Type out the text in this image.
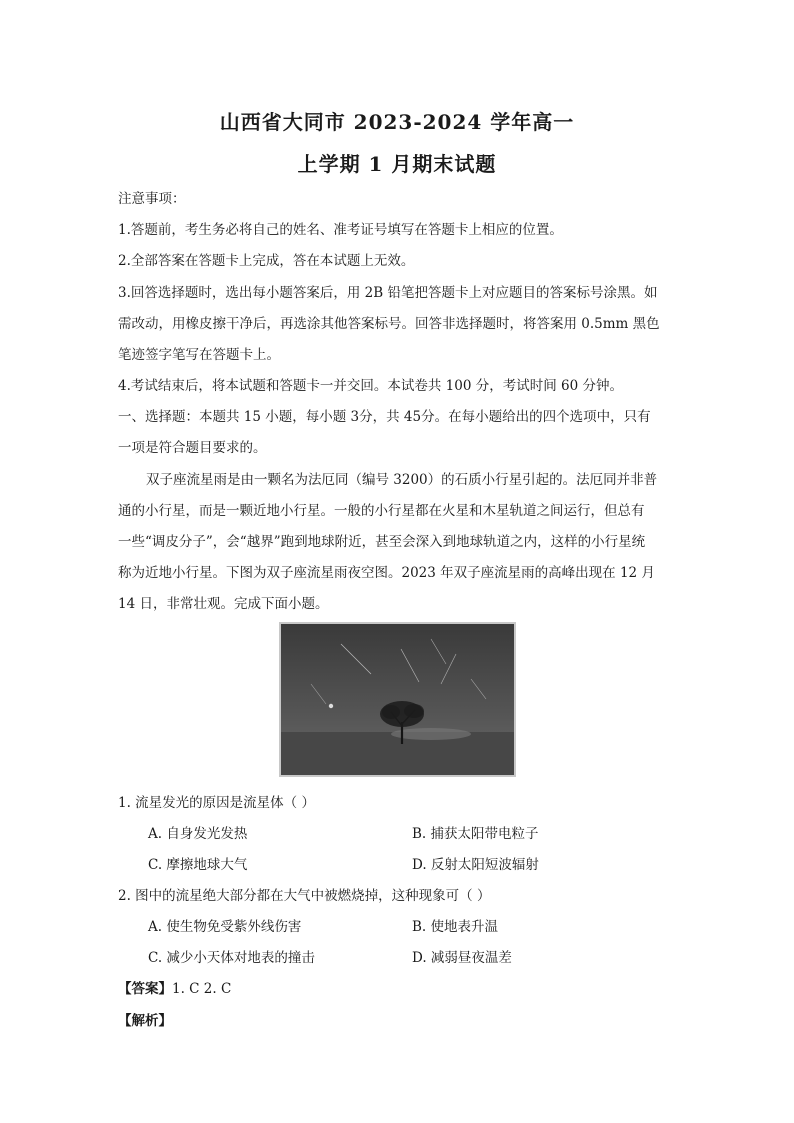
山西省大同市 2023-2024 学年高一
上学期 1 月期末试题
注意事项：
1.答题前，考生务必将自己的姓名、准考证号填写在答题卡上相应的位置。
2.全部答案在答题卡上完成，答在本试题上无效。
3.回答选择题时，选出每小题答案后，用 2B 铅笔把答题卡上对应题目的答案标号涂黑。如
需改动，用橡皮擦干净后，再选涂其他答案标号。回答非选择题时，将答案用 0.5mm 黑色
笔迹签字笔写在答题卡上。
4.考试结束后，将本试题和答题卡一并交回。本试卷共 100 分，考试时间 60 分钟。
一、选择题：本题共 15 小题，每小题 3分，共 45分。在每小题给出的四个选项中，只有
一项是符合题目要求的。
双子座流星雨是由一颗名为法厄同（编号 3200）的石质小行星引起的。法厄同并非普
通的小行星，而是一颗近地小行星。一般的小行星都在火星和木星轨道之间运行，但总有
一些“调皮分子”，会“越界”跑到地球附近，甚至会深入到地球轨道之内，这样的小行星统
称为近地小行星。下图为双子座流星雨夜空图。2023 年双子座流星雨的高峰出现在 12 月
14 日，非常壮观。完成下面小题。
1. 流星发光的原因是流星体（ ）
A. 自身发光发热	B. 捕获太阳带电粒子
C. 摩擦地球大气	D. 反射太阳短波辐射
2. 图中的流星绝大部分都在大气中被燃烧掉，这种现象可（ ）
A. 使生物免受紫外线伤害	B. 使地表升温
C. 减少小天体对地表的撞击	D. 减弱昼夜温差
【答案】1. C 2. C
【解析】
